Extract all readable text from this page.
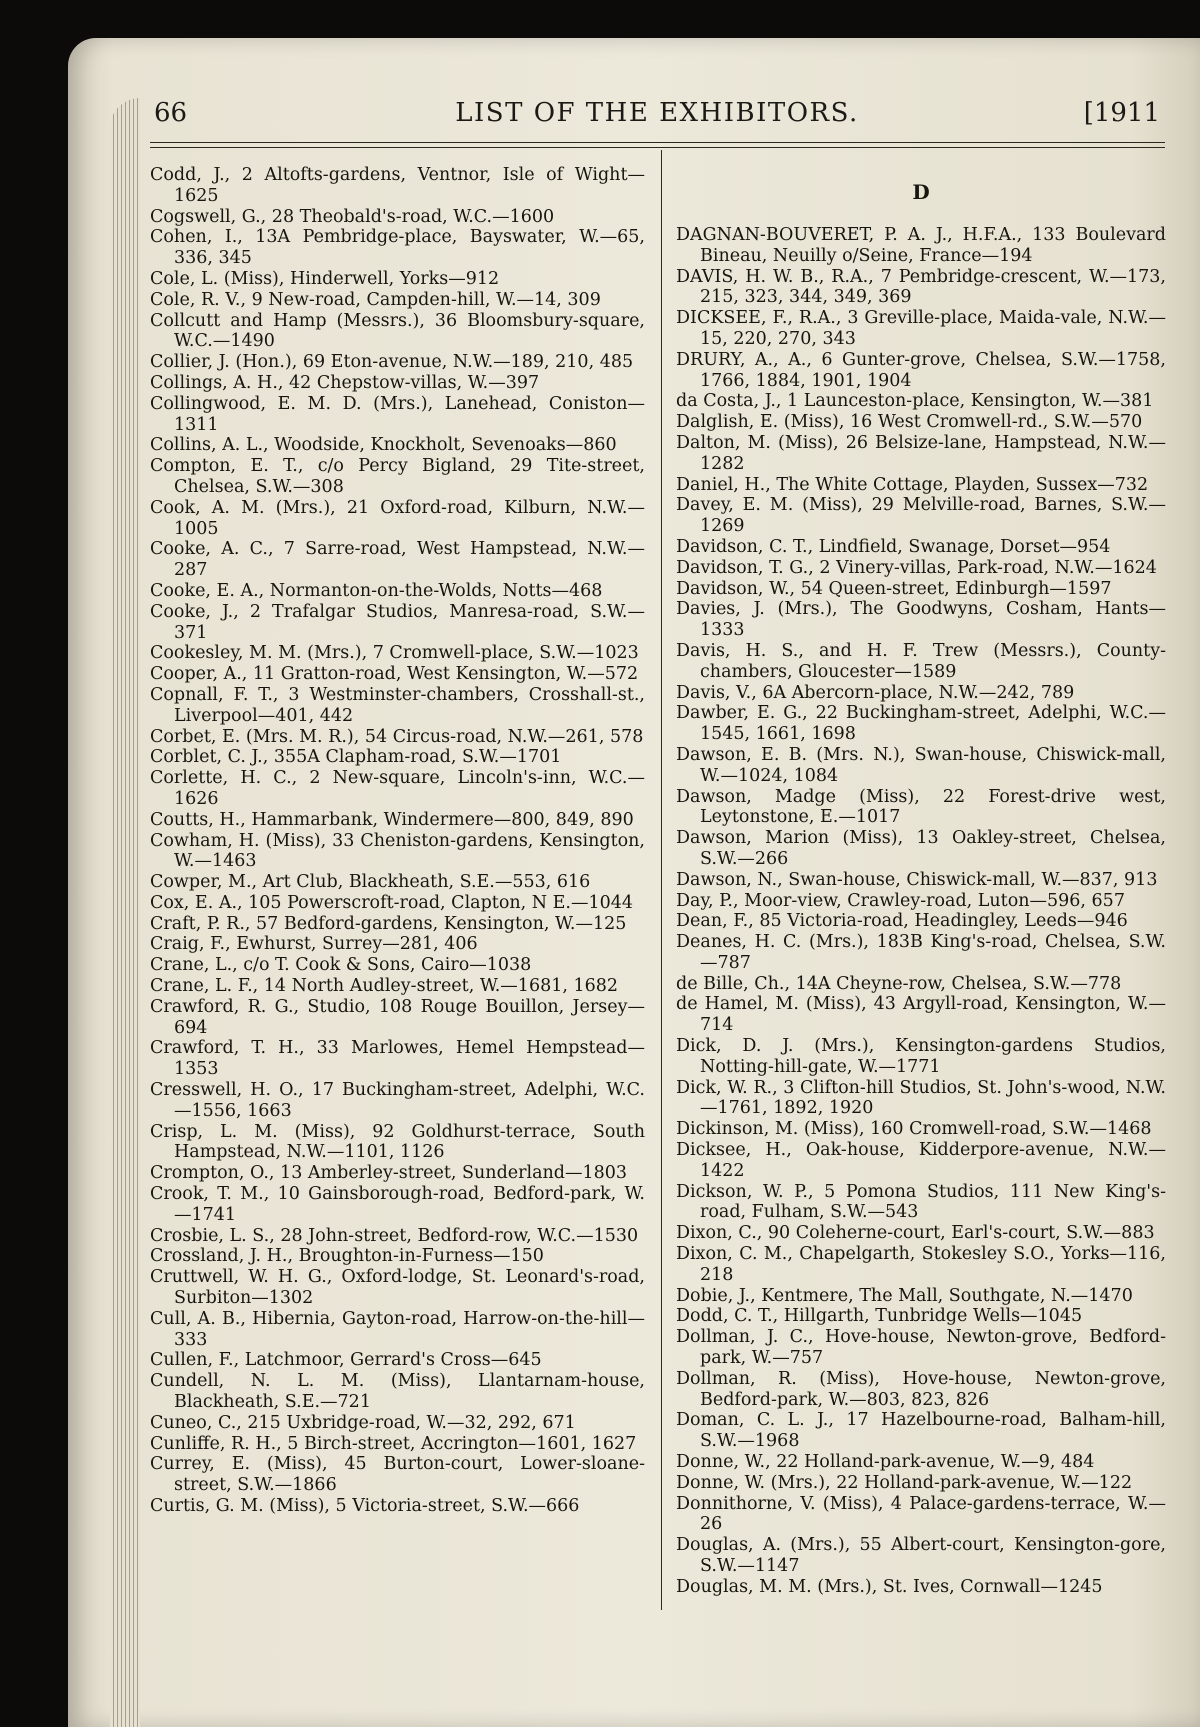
66	LIST OF THE EXHIBITORS.	[1911

Codd, J., 2 Altofts-gardens, Ventnor, Isle of Wight—1625

Cogswell, G., 28 Theobald's-road, W.C.—1600

Cohen, I., 13A Pembridge-place, Bayswater, W.—65, 336, 345

Cole, L. (Miss), Hinderwell, Yorks—912

Cole, R. V., 9 New-road, Campden-hill, W.—14, 309

Collcutt and Hamp (Messrs.), 36 Bloomsbury-square, W.C.—1490

Collier, J. (Hon.), 69 Eton-avenue, N.W.—189, 210, 485

Collings, A. H., 42 Chepstow-villas, W.—397

Collingwood, E. M. D. (Mrs.), Lanehead, Coniston—1311

Collins, A. L., Woodside, Knockholt, Sevenoaks—860

Compton, E. T., c/o Percy Bigland, 29 Tite-street, Chelsea, S.W.—308

Cook, A. M. (Mrs.), 21 Oxford-road, Kilburn, N.W.—1005

Cooke, A. C., 7 Sarre-road, West Hampstead, N.W.—287

Cooke, E. A., Normanton-on-the-Wolds, Notts—468

Cooke, J., 2 Trafalgar Studios, Manresa-road, S.W.—371

Cookesley, M. M. (Mrs.), 7 Cromwell-place, S.W.—1023

Cooper, A., 11 Gratton-road, West Kensington, W.—572

Copnall, F. T., 3 Westminster-chambers, Crosshall-st., Liverpool—401, 442

Corbet, E. (Mrs. M. R.), 54 Circus-road, N.W.—261, 578

Corblet, C. J., 355A Clapham-road, S.W.—1701

Corlette, H. C., 2 New-square, Lincoln's-inn, W.C.—1626

Coutts, H., Hammarbank, Windermere—800, 849, 890

Cowham, H. (Miss), 33 Cheniston-gardens, Kensington, W.—1463

Cowper, M., Art Club, Blackheath, S.E.—553, 616

Cox, E. A., 105 Powerscroft-road, Clapton, N E.—1044

Craft, P. R., 57 Bedford-gardens, Kensington, W.—125

Craig, F., Ewhurst, Surrey—281, 406

Crane, L., c/o T. Cook & Sons, Cairo—1038

Crane, L. F., 14 North Audley-street, W.—1681, 1682

Crawford, R. G., Studio, 108 Rouge Bouillon, Jersey—694

Crawford, T. H., 33 Marlowes, Hemel Hempstead—1353

Cresswell, H. O., 17 Buckingham-street, Adelphi, W.C.—1556, 1663

Crisp, L. M. (Miss), 92 Goldhurst-terrace, South Hampstead, N.W.—1101, 1126

Crompton, O., 13 Amberley-street, Sunderland—1803

Crook, T. M., 10 Gainsborough-road, Bedford-park, W.—1741

Crosbie, L. S., 28 John-street, Bedford-row, W.C.—1530

Crossland, J. H., Broughton-in-Furness—150

Cruttwell, W. H. G., Oxford-lodge, St. Leonard's-road, Surbiton—1302

Cull, A. B., Hibernia, Gayton-road, Harrow-on-the-hill—333

Cullen, F., Latchmoor, Gerrard's Cross—645

Cundell, N. L. M. (Miss), Llantarnam-house, Blackheath, S.E.—721

Cuneo, C., 215 Uxbridge-road, W.—32, 292, 671

Cunliffe, R. H., 5 Birch-street, Accrington—1601, 1627

Currey, E. (Miss), 45 Burton-court, Lower-sloane-street, S.W.—1866

Curtis, G. M. (Miss), 5 Victoria-street, S.W.—666

D

DAGNAN-BOUVERET, P. A. J., H.F.A., 133 Boulevard Bineau, Neuilly o/Seine, France—194

DAVIS, H. W. B., R.A., 7 Pembridge-crescent, W.—173, 215, 323, 344, 349, 369

DICKSEE, F., R.A., 3 Greville-place, Maida-vale, N.W.—15, 220, 270, 343

DRURY, A., A., 6 Gunter-grove, Chelsea, S.W.—1758, 1766, 1884, 1901, 1904

da Costa, J., 1 Launceston-place, Kensington, W.—381

Dalglish, E. (Miss), 16 West Cromwell-rd., S.W.—570

Dalton, M. (Miss), 26 Belsize-lane, Hampstead, N.W.—1282

Daniel, H., The White Cottage, Playden, Sussex—732

Davey, E. M. (Miss), 29 Melville-road, Barnes, S.W.—1269

Davidson, C. T., Lindfield, Swanage, Dorset—954

Davidson, T. G., 2 Vinery-villas, Park-road, N.W.—1624

Davidson, W., 54 Queen-street, Edinburgh—1597

Davies, J. (Mrs.), The Goodwyns, Cosham, Hants—1333

Davis, H. S., and H. F. Trew (Messrs.), County-chambers, Gloucester—1589

Davis, V., 6A Abercorn-place, N.W.—242, 789

Dawber, E. G., 22 Buckingham-street, Adelphi, W.C.—1545, 1661, 1698

Dawson, E. B. (Mrs. N.), Swan-house, Chiswick-mall, W.—1024, 1084

Dawson, Madge (Miss), 22 Forest-drive west, Leytonstone, E.—1017

Dawson, Marion (Miss), 13 Oakley-street, Chelsea, S.W.—266

Dawson, N., Swan-house, Chiswick-mall, W.—837, 913

Day, P., Moor-view, Crawley-road, Luton—596, 657

Dean, F., 85 Victoria-road, Headingley, Leeds—946

Deanes, H. C. (Mrs.), 183B King's-road, Chelsea, S.W.—787

de Bille, Ch., 14A Cheyne-row, Chelsea, S.W.—778

de Hamel, M. (Miss), 43 Argyll-road, Kensington, W.—714

Dick, D. J. (Mrs.), Kensington-gardens Studios, Notting-hill-gate, W.—1771

Dick, W. R., 3 Clifton-hill Studios, St. John's-wood, N.W.—1761, 1892, 1920

Dickinson, M. (Miss), 160 Cromwell-road, S.W.—1468

Dicksee, H., Oak-house, Kidderpore-avenue, N.W.—1422

Dickson, W. P., 5 Pomona Studios, 111 New King's-road, Fulham, S.W.—543

Dixon, C., 90 Coleherne-court, Earl's-court, S.W.—883

Dixon, C. M., Chapelgarth, Stokesley S.O., Yorks—116, 218

Dobie, J., Kentmere, The Mall, Southgate, N.—1470

Dodd, C. T., Hillgarth, Tunbridge Wells—1045

Dollman, J. C., Hove-house, Newton-grove, Bedford-park, W.—757

Dollman, R. (Miss), Hove-house, Newton-grove, Bedford-park, W.—803, 823, 826

Doman, C. L. J., 17 Hazelbourne-road, Balham-hill, S.W.—1968

Donne, W., 22 Holland-park-avenue, W.—9, 484

Donne, W. (Mrs.), 22 Holland-park-avenue, W.—122

Donnithorne, V. (Miss), 4 Palace-gardens-terrace, W.—26

Douglas, A. (Mrs.), 55 Albert-court, Kensington-gore, S.W.—1147

Douglas, M. M. (Mrs.), St. Ives, Cornwall—1245
